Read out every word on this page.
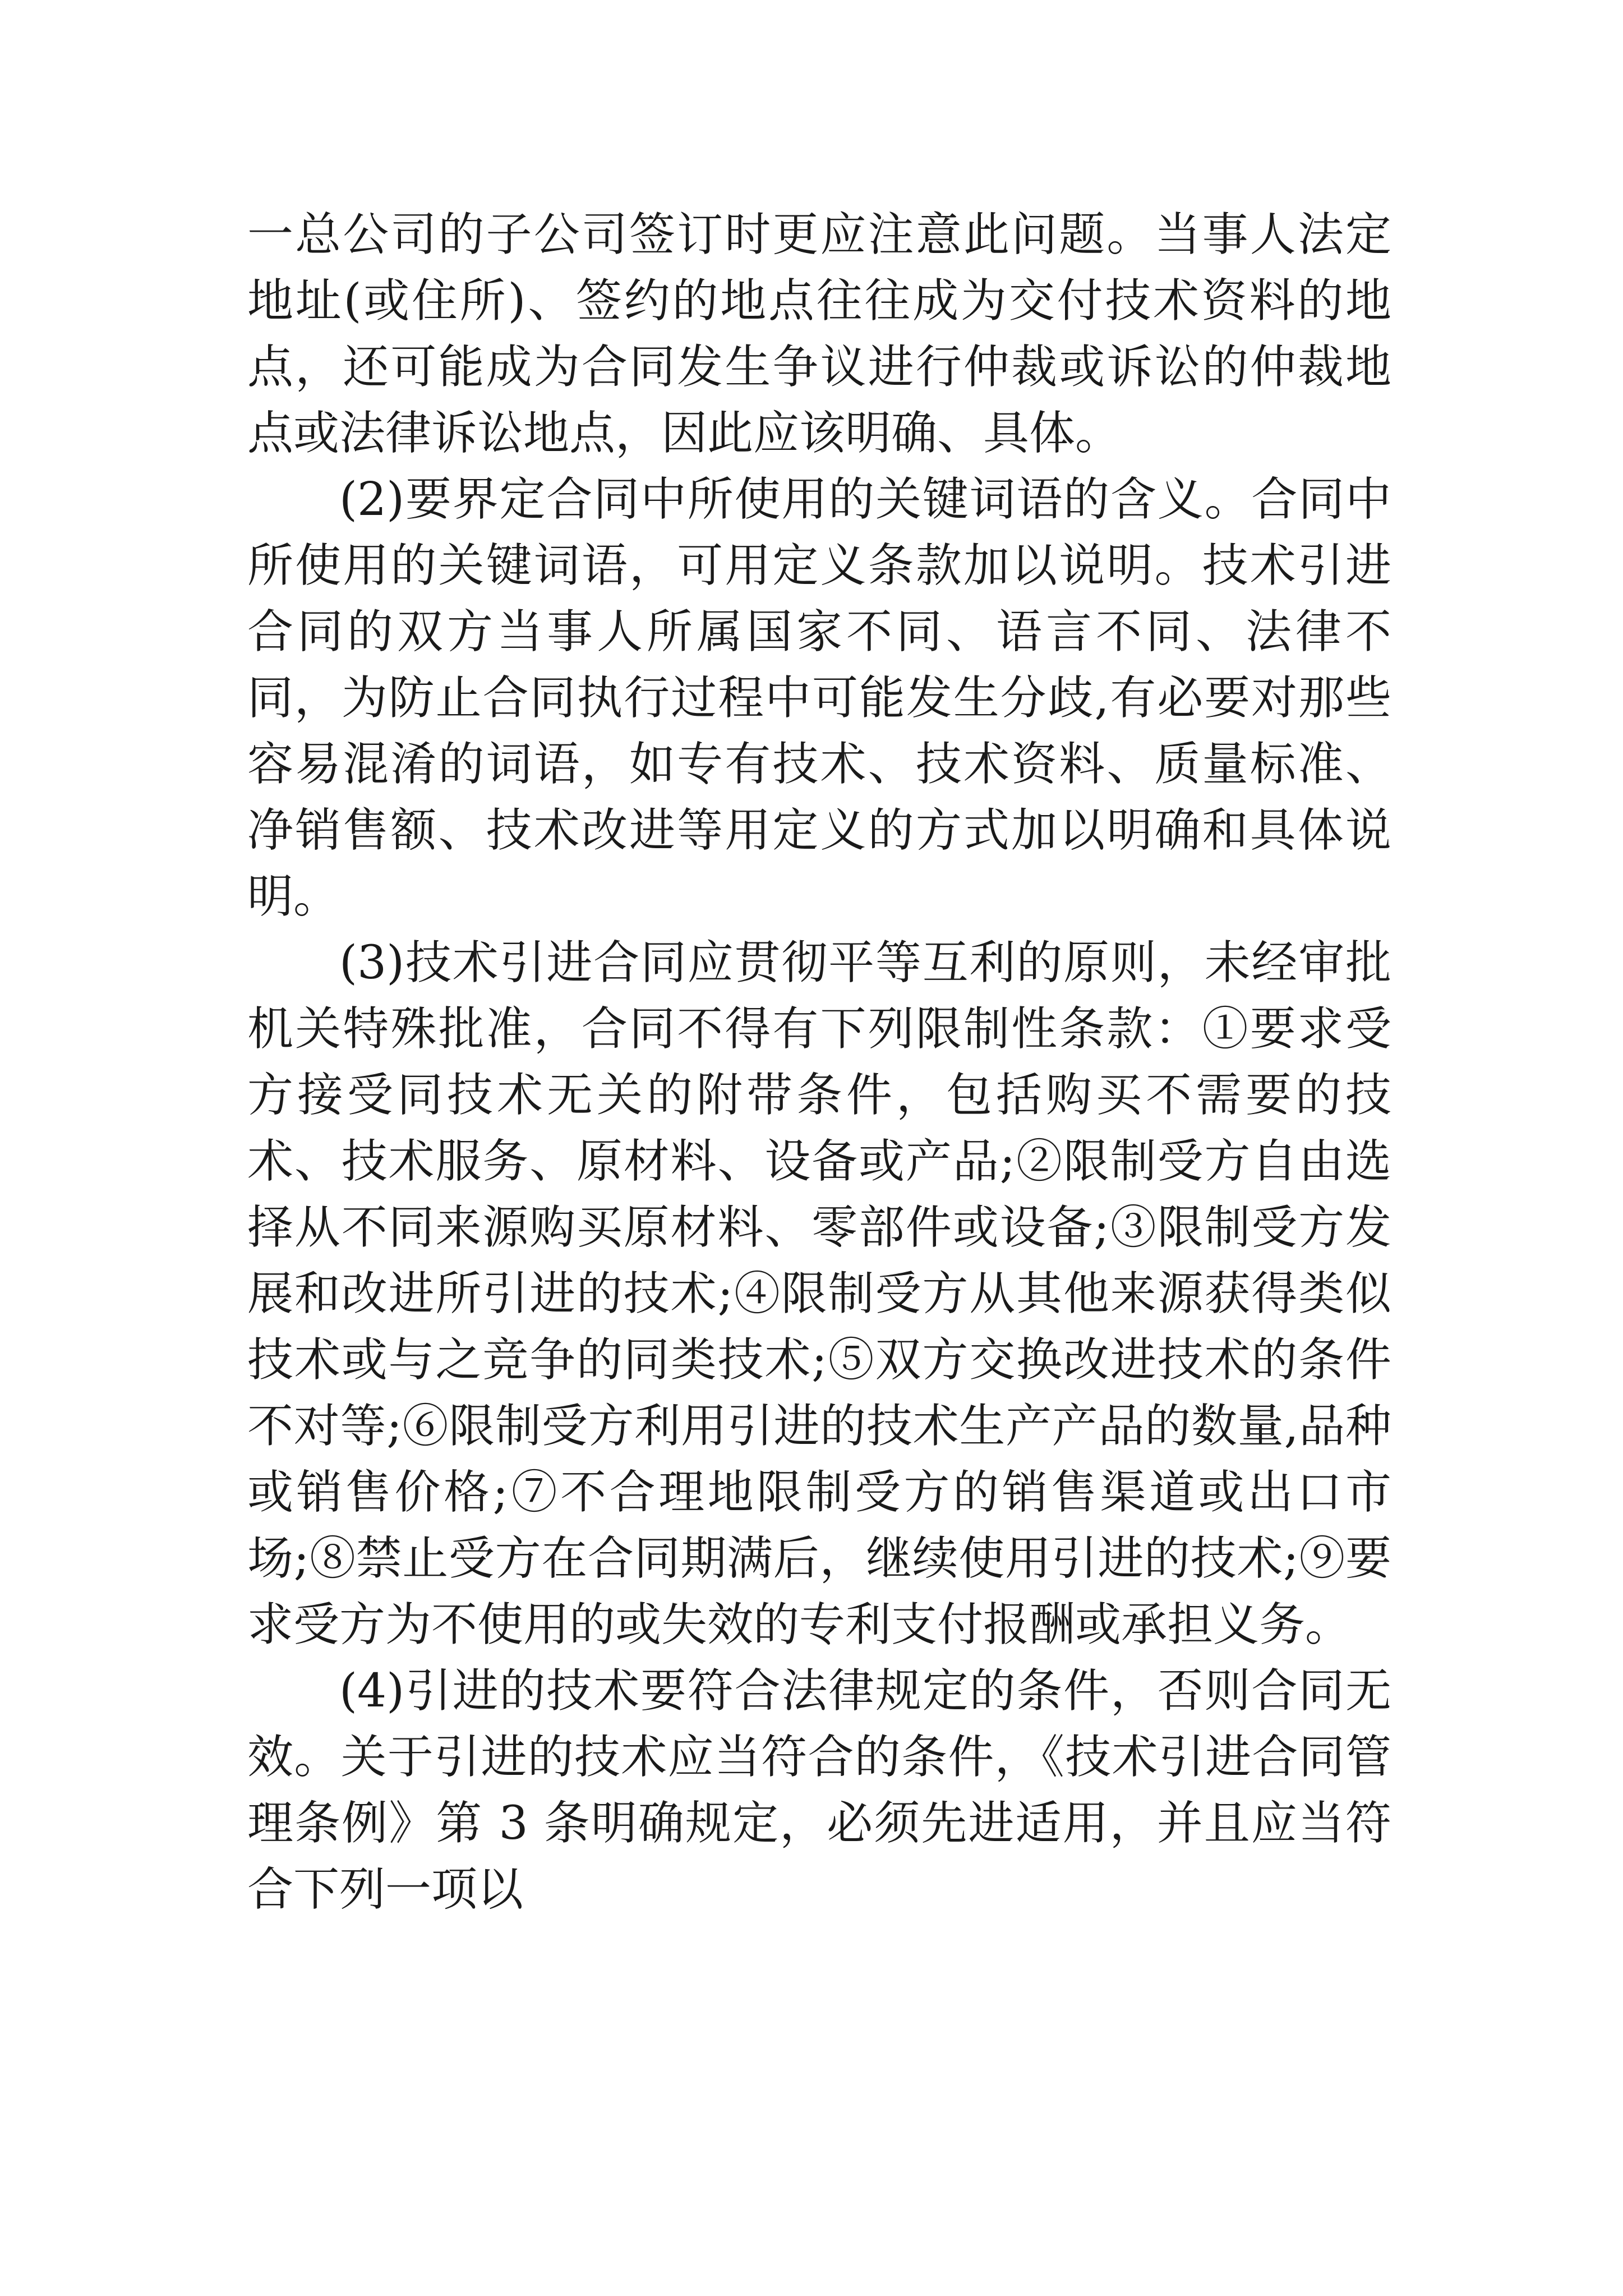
一总公司的子公司签订时更应注意此问题。当事人法定地址(或住所)、签约的地点往往成为交付技术资料的地点，还可能成为合同发生争议进行仲裁或诉讼的仲裁地点或法律诉讼地点，因此应该明确、具体。

(2)要界定合同中所使用的关键词语的含义。合同中所使用的关键词语，可用定义条款加以说明。技术引进合同的双方当事人所属国家不同、语言不同、法律不同，为防止合同执行过程中可能发生分歧,有必要对那些容易混淆的词语，如专有技术、技术资料、质量标准、净销售额、技术改进等用定义的方式加以明确和具体说明。

(3)技术引进合同应贯彻平等互利的原则，未经审批机关特殊批准，合同不得有下列限制性条款：①要求受方接受同技术无关的附带条件，包括购买不需要的技术、技术服务、原材料、设备或产品;②限制受方自由选择从不同来源购买原材料、零部件或设备;③限制受方发展和改进所引进的技术;④限制受方从其他来源获得类似技术或与之竞争的同类技术;⑤双方交换改进技术的条件不对等;⑥限制受方利用引进的技术生产产品的数量,品种或销售价格;⑦不合理地限制受方的销售渠道或出口市场;⑧禁止受方在合同期满后，继续使用引进的技术;⑨要求受方为不使用的或失效的专利支付报酬或承担义务。

(4)引进的技术要符合法律规定的条件，否则合同无效。关于引进的技术应当符合的条件，《技术引进合同管理条例》第 3 条明确规定，必须先进适用，并且应当符合下列一项以
